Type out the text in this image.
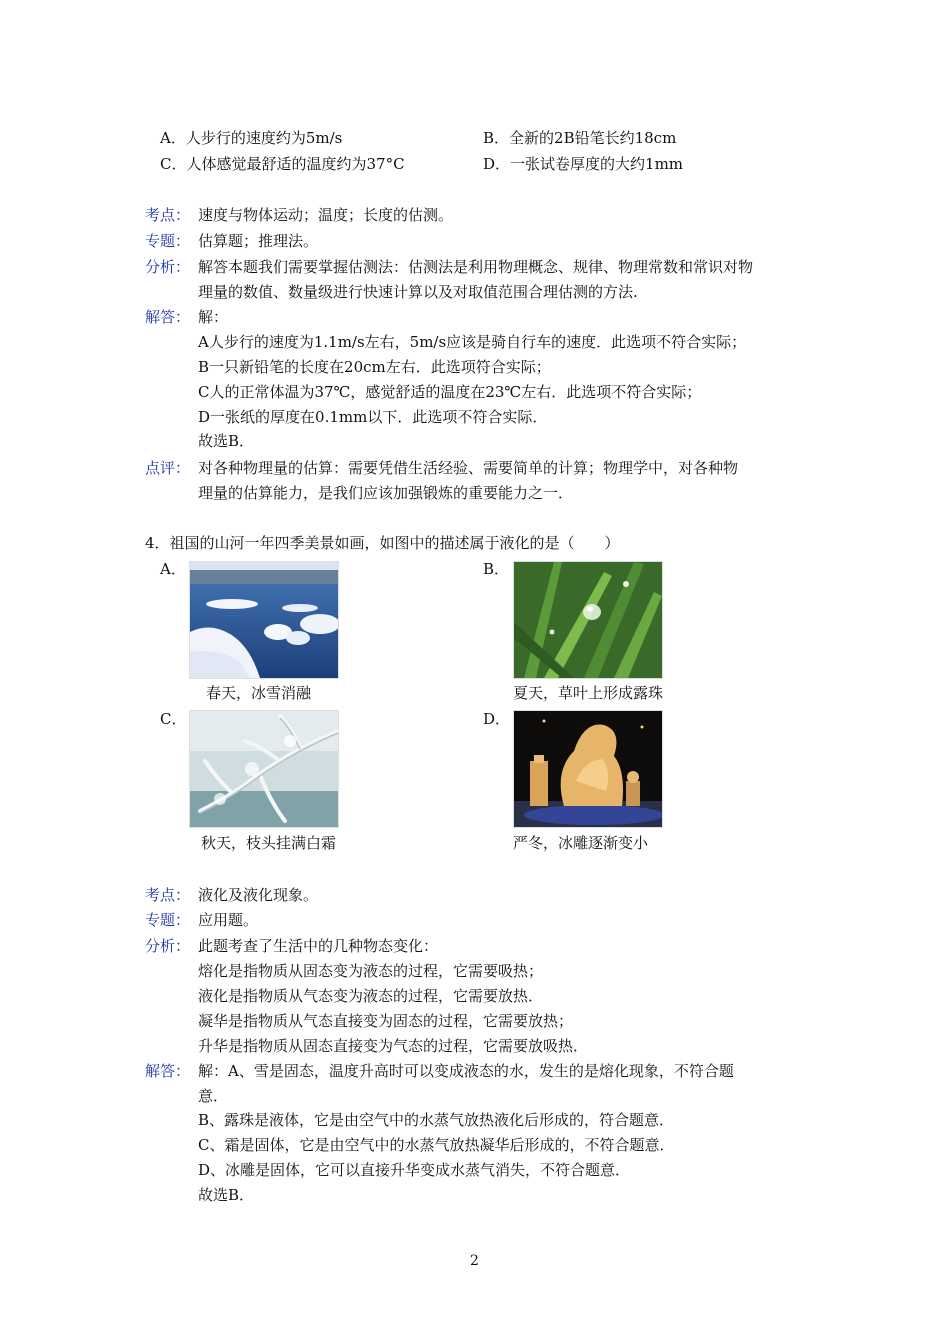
A．人步行的速度约为5m/s	B．全新的2B铅笔长约18cm
C．人体感觉最舒适的温度约为37°C	D．一张试卷厚度的大约1mm
考点： 速度与物体运动；温度；长度的估测。
专题： 估算题；推理法。
分析： 解答本题我们需要掌握估测法：估测法是利用物理概念、规律、物理常数和常识对物
理量的数值、数量级进行快速计算以及对取值范围合理估测的方法.
解答： 解：
A人步行的速度为1.1m/s左右，5m/s应该是骑自行车的速度．此选项不符合实际；
B一只新铅笔的长度在20cm左右．此选项符合实际；
C人的正常体温为37℃，感觉舒适的温度在23℃左右．此选项不符合实际；
D一张纸的厚度在0.1mm以下．此选项不符合实际．
故选B．
点评： 对各种物理量的估算：需要凭借生活经验、需要简单的计算；物理学中，对各种物
理量的估算能力，是我们应该加强锻炼的重要能力之一．
4．祖国的山河一年四季美景如画，如图中的描述属于液化的是（　　）
A．
春天，冰雪消融
B．
夏天，草叶上形成露珠
C．
秋天，枝头挂满白霜
D．
严冬，冰雕逐渐变小
考点： 液化及液化现象。
专题： 应用题。
分析： 此题考查了生活中的几种物态变化：
熔化是指物质从固态变为液态的过程，它需要吸热；
液化是指物质从气态变为液态的过程，它需要放热．
凝华是指物质从气态直接变为固态的过程，它需要放热；
升华是指物质从固态直接变为气态的过程，它需要放吸热．
解答： 解：A、雪是固态，温度升高时可以变成液态的水，发生的是熔化现象，不符合题
意．
B、露珠是液体，它是由空气中的水蒸气放热液化后形成的，符合题意．
C、霜是固体，它是由空气中的水蒸气放热凝华后形成的，不符合题意．
D、冰雕是固体，它可以直接升华变成水蒸气消失，不符合题意．
故选B．
2
